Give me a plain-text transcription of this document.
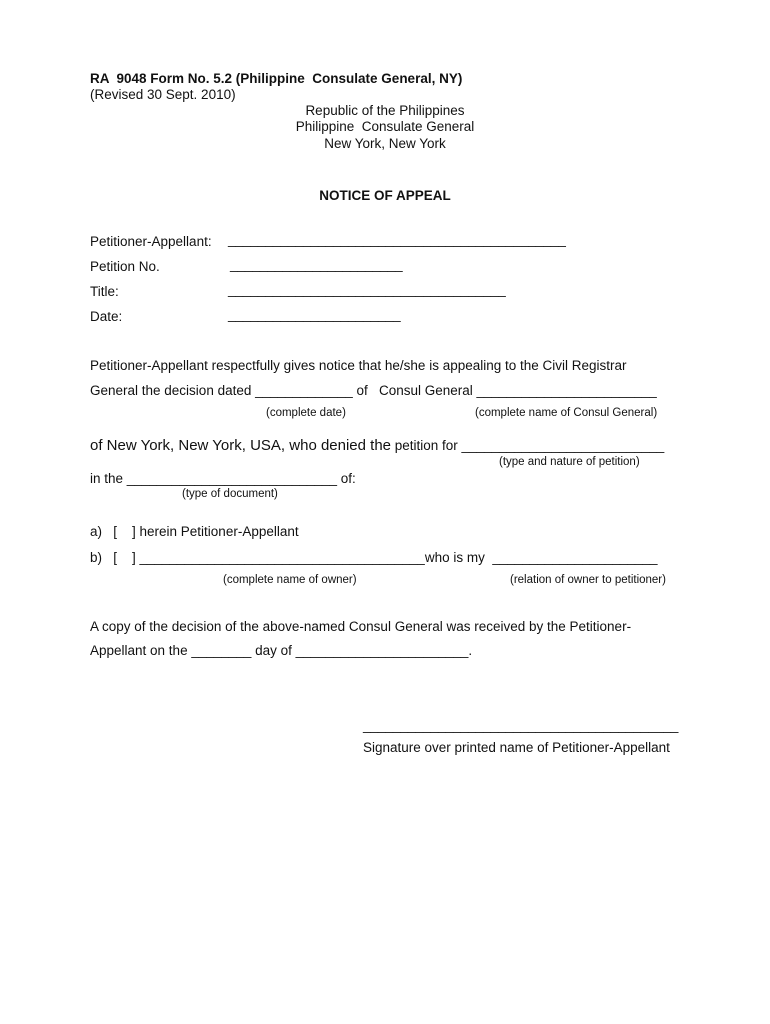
RA  9048 Form No. 5.2 (Philippine  Consulate General, NY)
(Revised 30 Sept. 2010)
Republic of the Philippines
Philippine  Consulate General
New York, New York
NOTICE OF APPEAL
Petitioner-Appellant: _____________________________________________
Petition No.	_______________________
Title:	_____________________________________
Date:	_______________________
Petitioner-Appellant respectfully gives notice that he/she is appealing to the Civil Registrar
General the decision dated _____________ of   Consul General ________________________
(complete date)	(complete name of Consul General)
of New York, New York, USA, who denied the petition for ___________________________
(type and nature of petition)
in the ____________________________ of:
(type of document)
a)   [    ] herein Petitioner-Appellant
b)   [    ] ______________________________________who is my  ______________________
(complete name of owner)	(relation of owner to petitioner)
A copy of the decision of the above-named Consul General was received by the Petitioner-
Appellant on the ________ day of _______________________.
__________________________________________
Signature over printed name of Petitioner-Appellant
